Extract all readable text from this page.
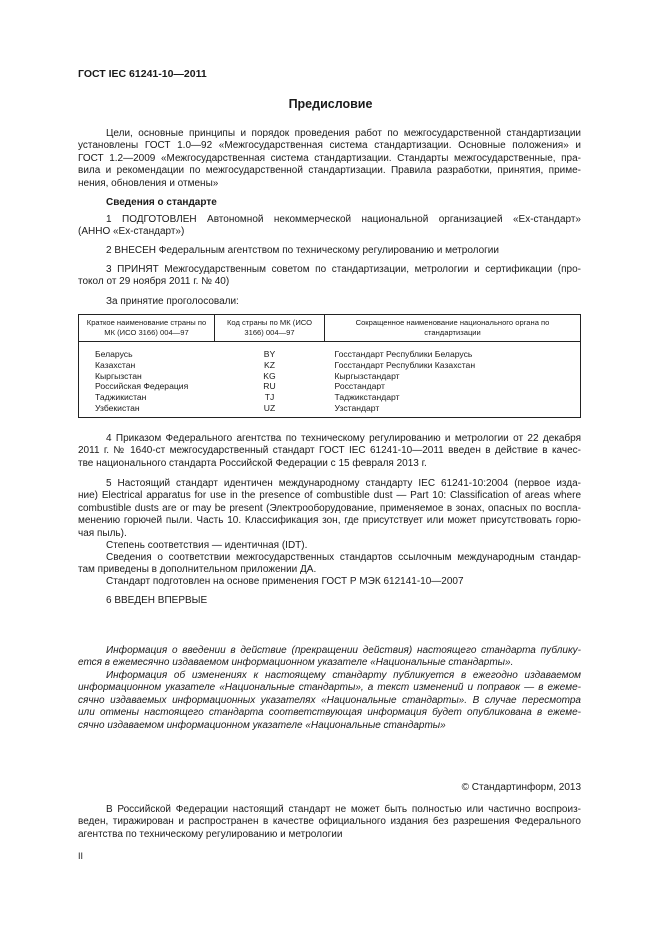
ГОСТ IEC 61241-10—2011
Предисловие
Цели, основные принципы и порядок проведения работ по межгосударственной стандартизации
установлены ГОСТ 1.0—92 «Межгосударственная система стандартизации. Основные положения» и
ГОСТ 1.2—2009 «Межгосударственная система стандартизации. Стандарты межгосударственные, пра-
вила и рекомендации по межгосударственной стандартизации. Правила разработки, принятия, приме-
нения, обновления и отмены»
Сведения о стандарте
1 ПОДГОТОВЛЕН Автономной некоммерческой национальной организацией «Ех-стандарт»
(АННО «Ех-стандарт»)
2 ВНЕСЕН Федеральным агентством по техническому регулированию и метрологии
3 ПРИНЯТ Межгосударственным советом по стандартизации, метрологии и сертификации (про-
токол от 29 ноября 2011 г. № 40)
За принятие проголосовали:
Краткое наименование страны по МК (ИСО 3166) 004—97	Код страны по МК (ИСО 3166) 004—97	Сокращенное наименование национального органа по стандартизации
Беларусь	BY	Госстандарт Республики Беларусь
Казахстан	KZ	Госстандарт Республики Казахстан
Кыргызстан	KG	Кыргызстандарт
Российская Федерация	RU	Росстандарт
Таджикистан	TJ	Таджикстандарт
Узбекистан	UZ	Узстандарт
4 Приказом Федерального агентства по техническому регулированию и метрологии от 22 декабря
2011 г. № 1640-ст межгосударственный стандарт ГОСТ IEC 61241-10—2011 введен в действие в качес-
тве национального стандарта Российской Федерации с 15 февраля 2013 г.
5 Настоящий стандарт идентичен международному стандарту IEC 61241-10:2004 (первое изда-
ние) Electrical apparatus for use in the presence of combustible dust — Part 10: Classification of areas where
combustible dusts are or may be present (Электрооборудование, применяемое в зонах, опасных по воспла-
менению горючей пыли. Часть 10. Классификация зон, где присутствует или может присутствовать горю-
чая пыль).
Степень соответствия — идентичная (IDT).
Сведения о соответствии межгосударственных стандартов ссылочным международным стандар-
там приведены в дополнительном приложении ДА.
Стандарт подготовлен на основе применения ГОСТ Р МЭК 612141-10—2007
6 ВВЕДЕН ВПЕРВЫЕ
Информация о введении в действие (прекращении действия) настоящего стандарта публику-
ется в ежемесячно издаваемом информационном указателе «Национальные стандарты».
Информация об изменениях к настоящему стандарту публикуется в ежегодно издаваемом
информационном указателе «Национальные стандарты», а текст изменений и поправок — в ежеме-
сячно издаваемых информационных указателях «Национальные стандарты». В случае пересмотра
или отмены настоящего стандарта соответствующая информация будет опубликована в ежеме-
сячно издаваемом информационном указателе «Национальные стандарты»
© Стандартинформ, 2013
В Российской Федерации настоящий стандарт не может быть полностью или частично воспроиз-
веден, тиражирован и распространен в качестве официального издания без разрешения Федерального
агентства по техническому регулированию и метрологии
II
